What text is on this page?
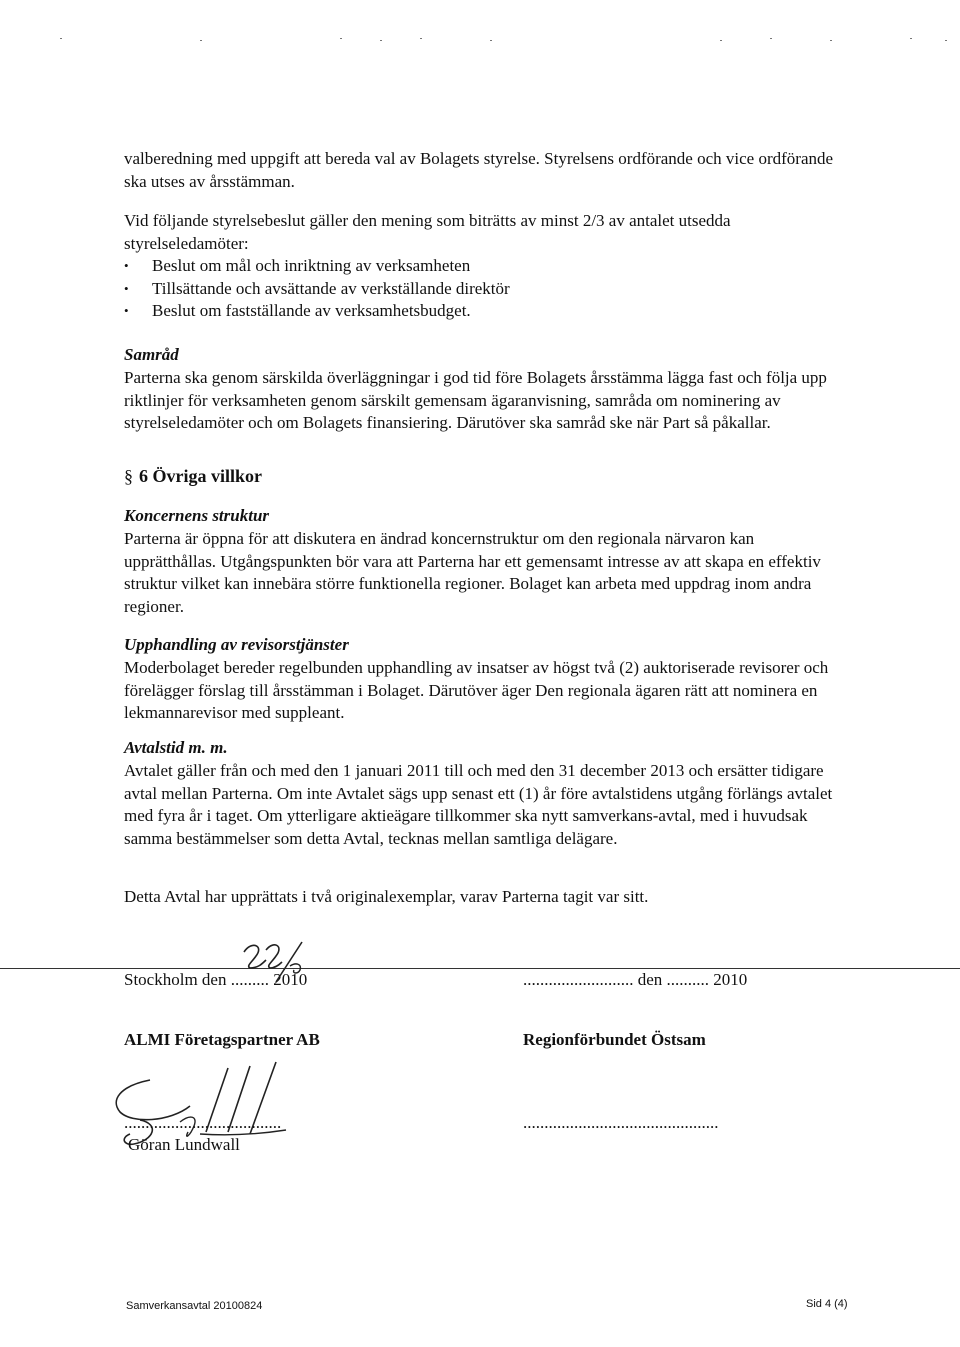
valberedning med uppgift att bereda val av Bolagets styrelse. Styrelsens ordförande och vice ordförande ska utses av årsstämman.

Vid följande styrelsebeslut gäller den mening som biträtts av minst 2/3 av antalet utsedda styrelseledamöter:

• Beslut om mål och inriktning av verksamheten
• Tillsättande och avsättande av verkställande direktör
• Beslut om fastställande av verksamhetsbudget.
Samråd

Parterna ska genom särskilda överläggningar i god tid före Bolagets årsstämma lägga fast och följa upp riktlinjer för verksamheten genom särskilt gemensam ägaranvisning, samråda om nominering av styrelseledamöter och om Bolagets finansiering. Därutöver ska samråd ske när Part så påkallar.

§ 6 Övriga villkor
Koncernens struktur

Parterna är öppna för att diskutera en ändrad koncernstruktur om den regionala närvaron kan upprätthållas. Utgångspunkten bör vara att Parterna har ett gemensamt intresse av att skapa en effektiv struktur vilket kan innebära större funktionella regioner. Bolaget kan arbeta med uppdrag inom andra regioner.

Upphandling av revisorstjänster

Moderbolaget bereder regelbunden upphandling av insatser av högst två (2) auktoriserade revisorer och förelägger förslag till årsstämman i Bolaget. Därutöver äger Den regionala ägaren rätt att nominera en lekmannarevisor med suppleant.

Avtalstid m. m.

Avtalet gäller från och med den 1 januari 2011 till och med den 31 december 2013 och ersätter tidigare avtal mellan Parterna. Om inte Avtalet sägs upp senast ett (1) år före avtalstidens utgång förlängs avtalet med fyra år i taget. Om ytterligare aktieägare tillkommer ska nytt samverkans-avtal, med i huvudsak samma bestämmelser som detta Avtal, tecknas mellan samtliga delägare.

Detta Avtal har upprättats i två originalexemplar, varav Parterna tagit var sitt.

Stockholm den ......... 2010	.......................... den .......... 2010
ALMI Företagspartner AB	Regionförbundet Östsam
.....................................	..............................................
Göran Lundwall
Samverkansavtal 20100824	Sid 4 (4)
